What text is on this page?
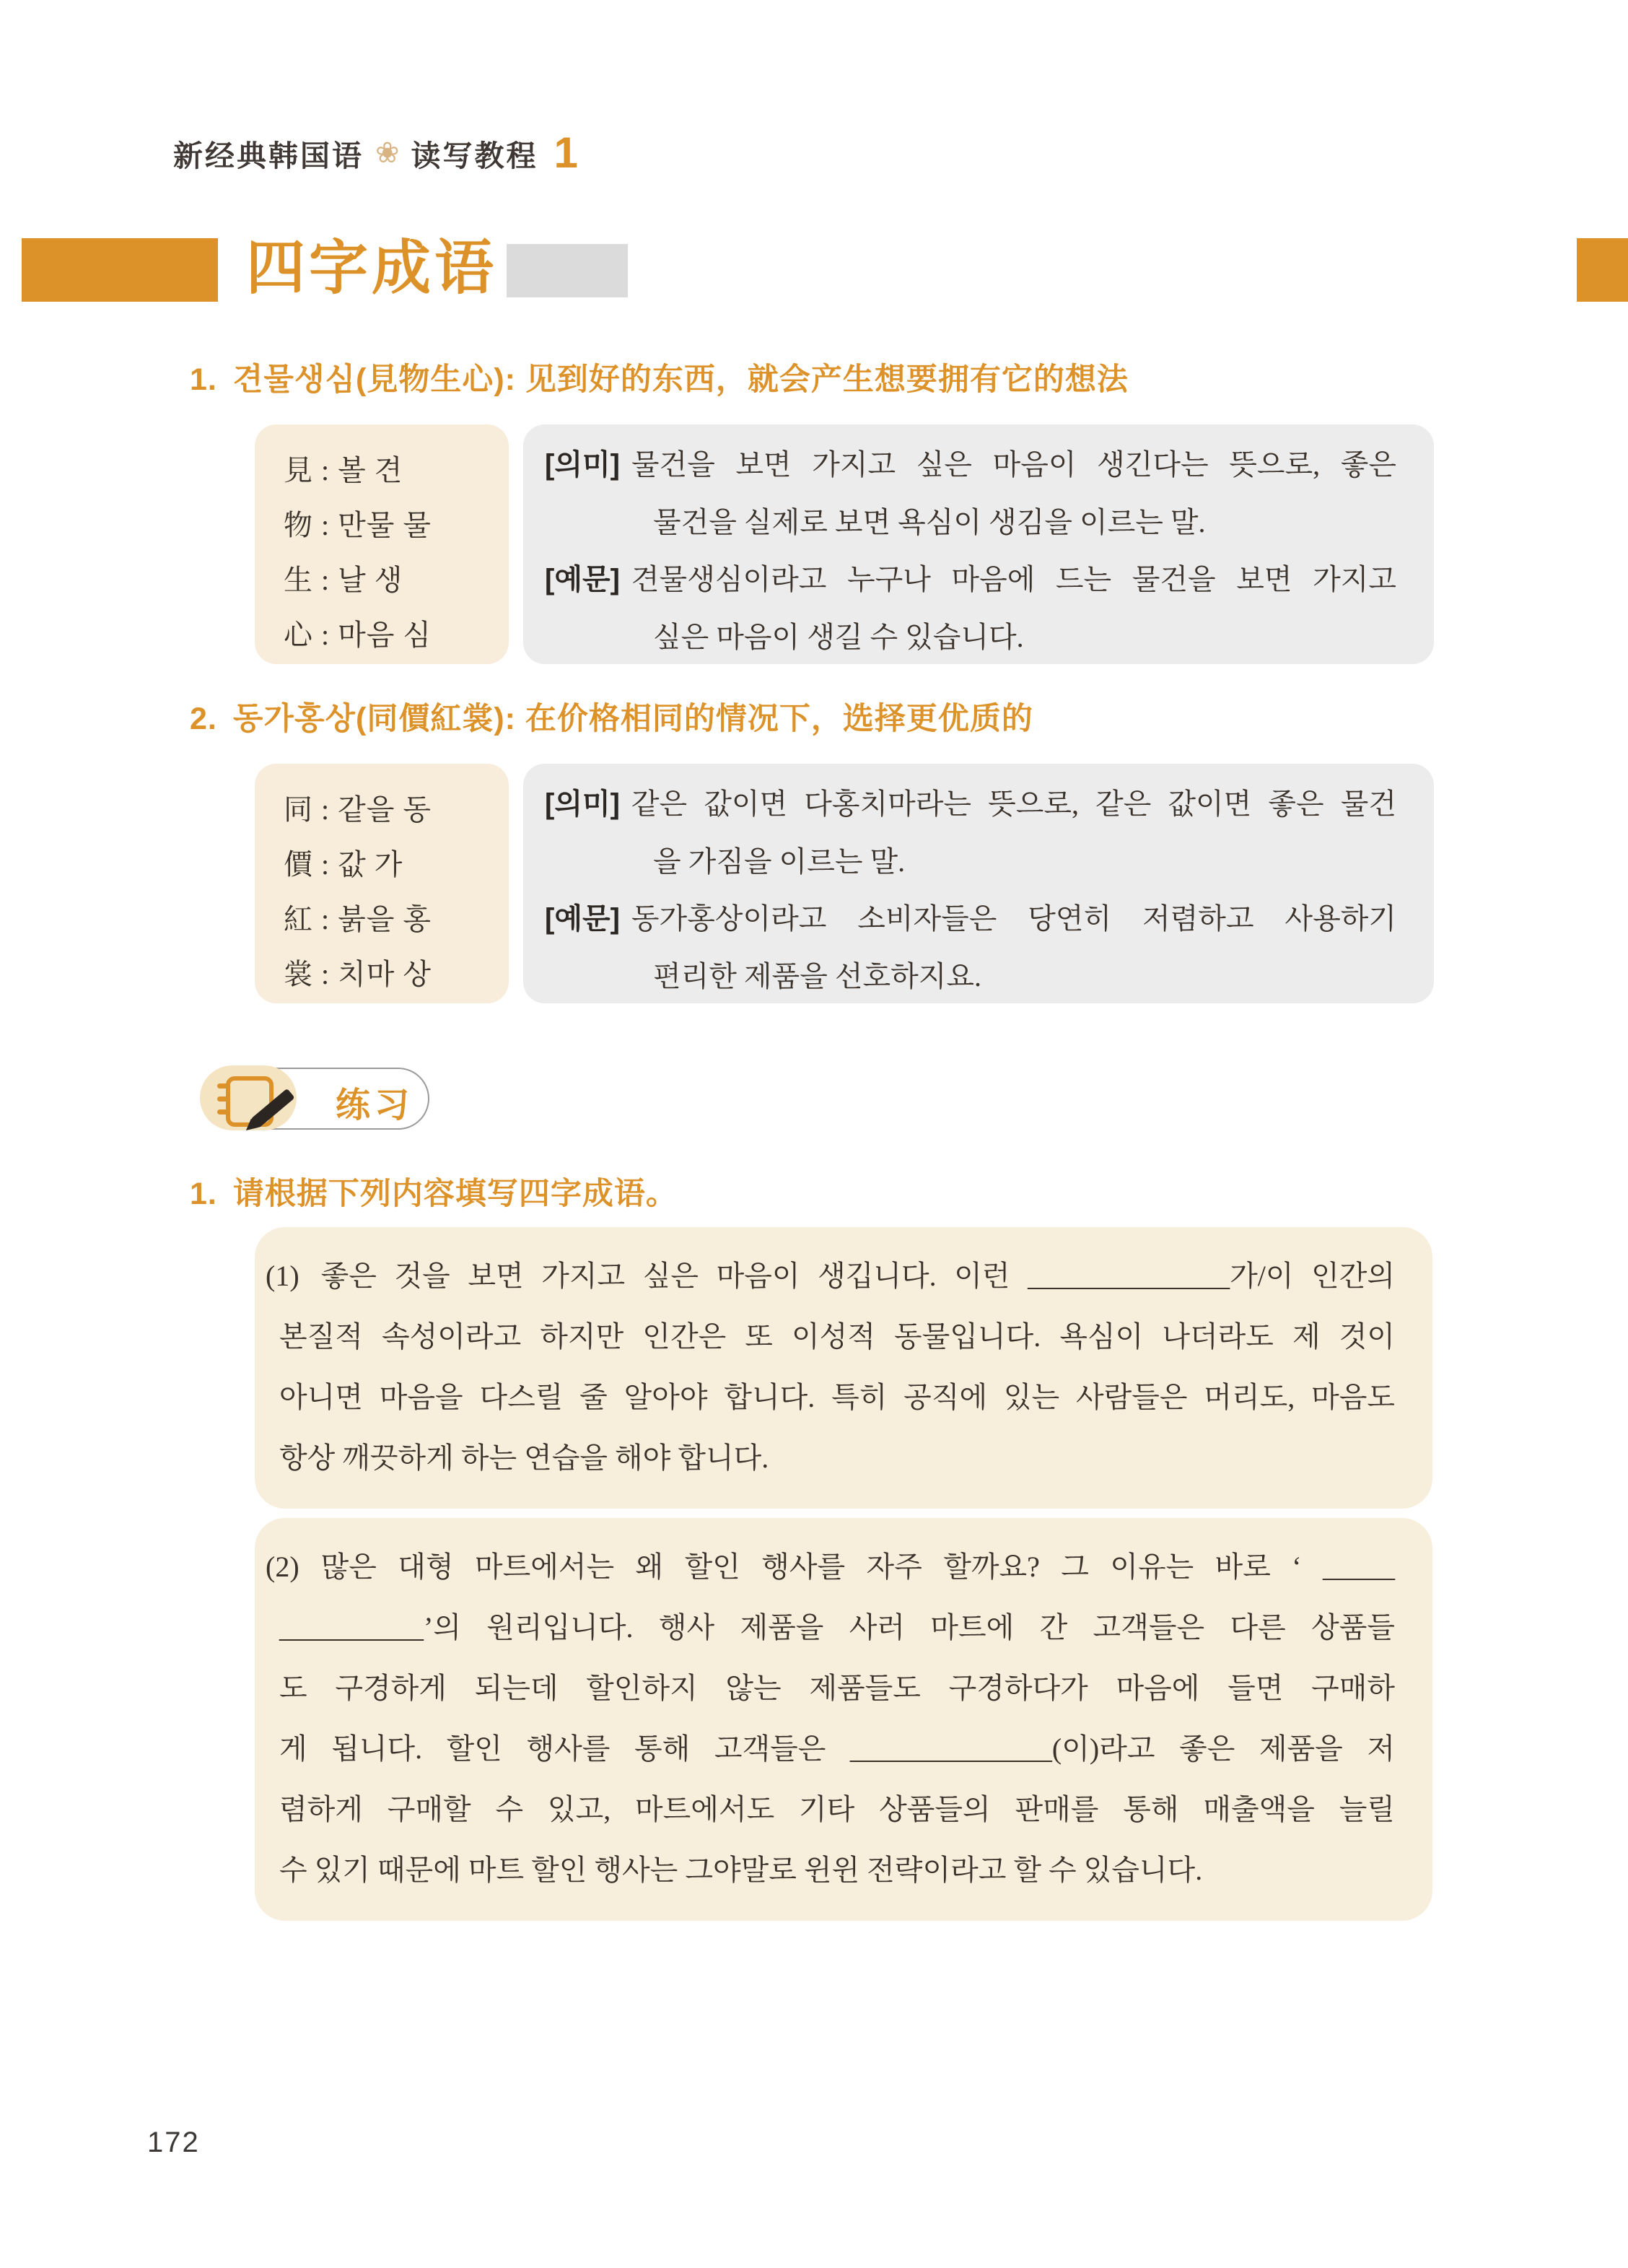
新经典韩国语 ❀ 读写教程 1
四字成语
1. 견물생심(見物生心): 见到好的东西，就会产生想要拥有它的想法
見 : 볼 견
物 : 만물 물
生 : 날 생
心 : 마음 심
[의미] 물건을 보면 가지고 싶은 마음이 생긴다는 뜻으로, 좋은
물건을 실제로 보면 욕심이 생김을 이르는 말.
[예문] 견물생심이라고 누구나 마음에 드는 물건을 보면 가지고
싶은 마음이 생길 수 있습니다.
2. 동가홍상(同價紅裳): 在价格相同的情况下，选择更优质的
同 : 같을 동
價 : 값 가
紅 : 붉을 홍
裳 : 치마 상
[의미] 같은 값이면 다홍치마라는 뜻으로, 같은 값이면 좋은 물건
을 가짐을 이르는 말.
[예문] 동가홍상이라고 소비자들은 당연히 저렴하고 사용하기
편리한 제품을 선호하지요.
练习
1. 请根据下列内容填写四字成语。
(1) 좋은 것을 보면 가지고 싶은 마음이 생깁니다. 이런 ______________가/이 인간의
본질적 속성이라고 하지만 인간은 또 이성적 동물입니다. 욕심이 나더라도 제 것이
아니면 마음을 다스릴 줄 알아야 합니다. 특히 공직에 있는 사람들은 머리도, 마음도
항상 깨끗하게 하는 연습을 해야 합니다.
(2) 많은 대형 마트에서는 왜 할인 행사를 자주 할까요? 그 이유는 바로 ‘ _____
__________’의 원리입니다. 행사 제품을 사러 마트에 간 고객들은 다른 상품들
도 구경하게 되는데 할인하지 않는 제품들도 구경하다가 마음에 들면 구매하
게 됩니다. 할인 행사를 통해 고객들은 ______________(이)라고 좋은 제품을 저
렴하게 구매할 수 있고, 마트에서도 기타 상품들의 판매를 통해 매출액을 늘릴
수 있기 때문에 마트 할인 행사는 그야말로 윈윈 전략이라고 할 수 있습니다.
172
